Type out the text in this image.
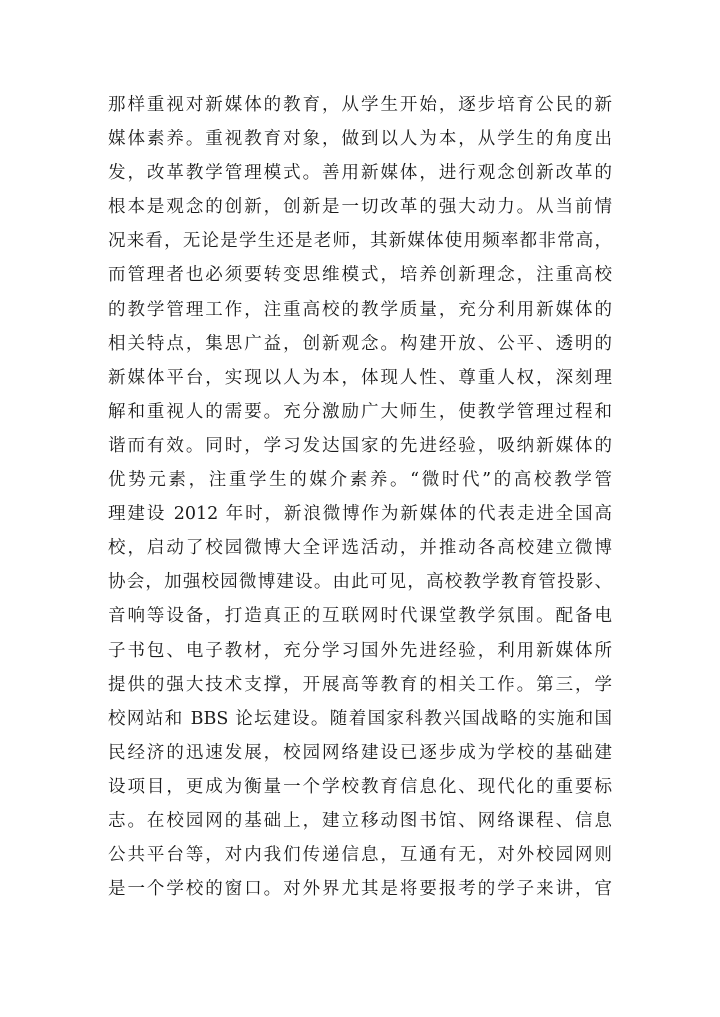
那样重视对新媒体的教育，从学生开始，逐步培育公民的新
媒体素养。重视教育对象，做到以人为本，从学生的角度出
发，改革教学管理模式。善用新媒体，进行观念创新改革的
根本是观念的创新，创新是一切改革的强大动力。从当前情
况来看，无论是学生还是老师，其新媒体使用频率都非常高，
而管理者也必须要转变思维模式，培养创新理念，注重高校
的教学管理工作，注重高校的教学质量，充分利用新媒体的
相关特点，集思广益，创新观念。构建开放、公平、透明的
新媒体平台，实现以人为本，体现人性、尊重人权，深刻理
解和重视人的需要。充分激励广大师生，使教学管理过程和
谐而有效。同时，学习发达国家的先进经验，吸纳新媒体的
优势元素，注重学生的媒介素养。“微时代”的高校教学管
理建设 2012 年时，新浪微博作为新媒体的代表走进全国高
校，启动了校园微博大全评选活动，并推动各高校建立微博
协会，加强校园微博建设。由此可见，高校教学教育管投影、
音响等设备，打造真正的互联网时代课堂教学氛围。配备电
子书包、电子教材，充分学习国外先进经验，利用新媒体所
提供的强大技术支撑，开展高等教育的相关工作。第三，学
校网站和 BBS 论坛建设。随着国家科教兴国战略的实施和国
民经济的迅速发展，校园网络建设已逐步成为学校的基础建
设项目，更成为衡量一个学校教育信息化、现代化的重要标
志。在校园网的基础上，建立移动图书馆、网络课程、信息
公共平台等，对内我们传递信息，互通有无，对外校园网则
是一个学校的窗口。对外界尤其是将要报考的学子来讲，官
